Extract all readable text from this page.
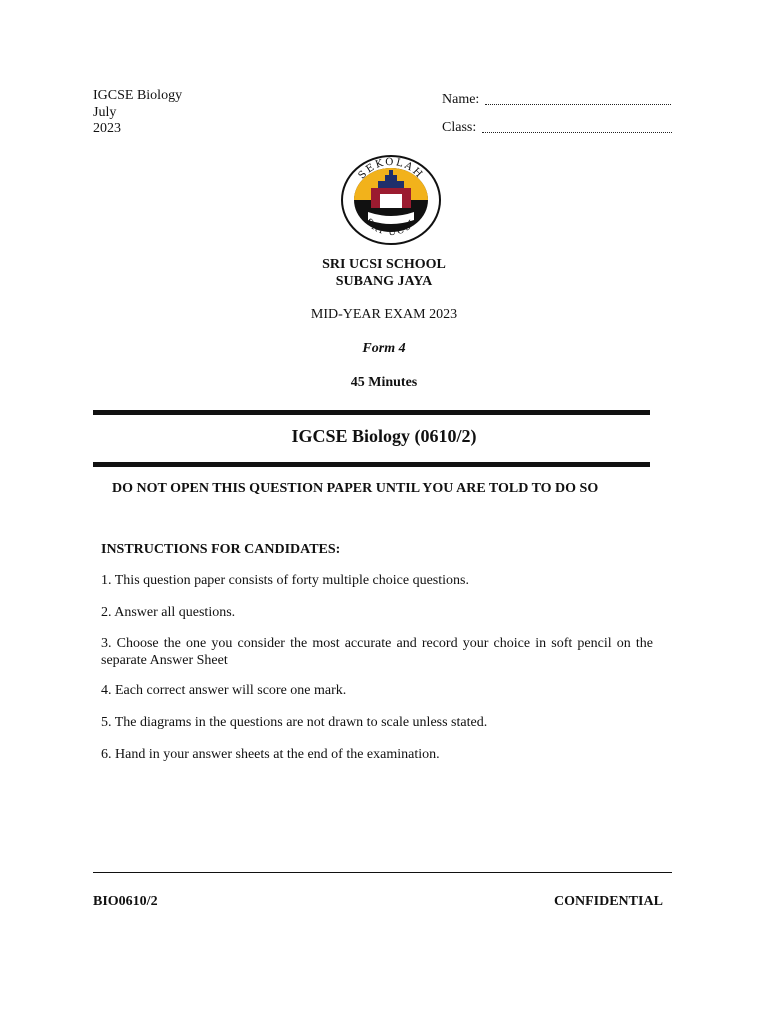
IGCSE Biology
July
2023
Name:
Class:
SEKOLAH
SRI UCSI
SRI UCSI SCHOOL
SUBANG JAYA
MID-YEAR EXAM 2023
Form 4
45 Minutes
IGCSE Biology (0610/2)
DO NOT OPEN THIS QUESTION PAPER UNTIL YOU ARE TOLD TO DO SO
INSTRUCTIONS FOR CANDIDATES:
1. This question paper consists of forty multiple choice questions.
2. Answer all questions.
3. Choose the one you consider the most accurate and record your choice in soft pencil on the separate Answer Sheet
4. Each correct answer will score one mark.
5. The diagrams in the questions are not drawn to scale unless stated.
6. Hand in your answer sheets at the end of the examination.
BIO0610/2	CONFIDENTIAL
